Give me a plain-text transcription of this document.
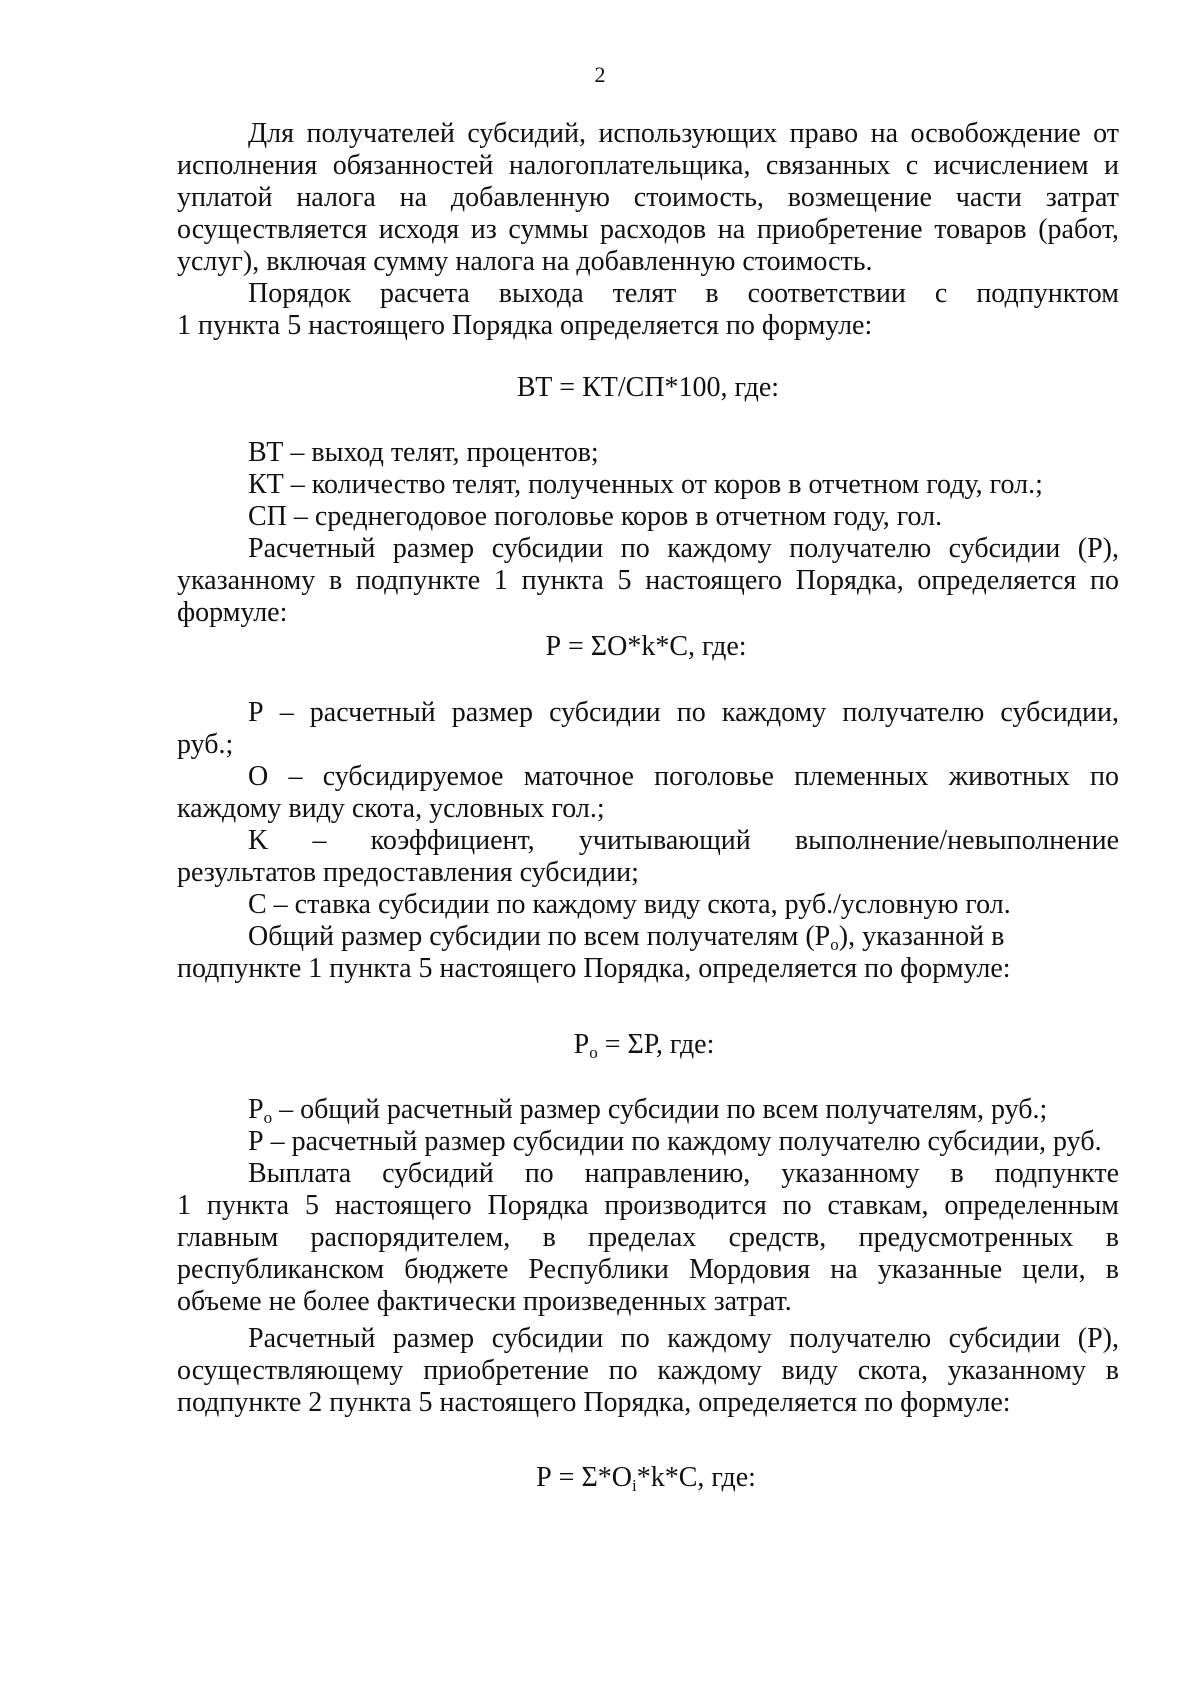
2
Для получателей субсидий, использующих право на освобождение от
исполнения обязанностей налогоплательщика, связанных с исчислением и
уплатой налога на добавленную стоимость, возмещение части затрат
осуществляется исходя из суммы расходов на приобретение товаров (работ,
услуг), включая сумму налога на добавленную стоимость.
Порядок расчета выхода телят в соответствии с подпунктом
1 пункта 5 настоящего Порядка определяется по формуле:
ВТ = КТ/СП*100, где:
ВТ – выход телят, процентов;
КТ – количество телят, полученных от коров в отчетном году, гол.;
СП – среднегодовое поголовье коров в отчетном году, гол.
Расчетный размер субсидии по каждому получателю субсидии (Р),
указанному в подпункте 1 пункта 5 настоящего Порядка, определяется по
формуле:
Р = ΣО*k*С, где:
Р – расчетный размер субсидии по каждому получателю субсидии,
руб.;
О – субсидируемое маточное поголовье племенных животных по
каждому виду скота, условных гол.;
K – коэффициент, учитывающий выполнение/невыполнение
результатов предоставления субсидии;
С – ставка субсидии по каждому виду скота, руб./условную гол.
Общий размер субсидии по всем получателям $(Р_о)$, указанной в
подпункте 1 пункта 5 настоящего Порядка, определяется по формуле:
$Р_о = \Sigma Р$, где:
$Р_о$ – общий расчетный размер субсидии по всем получателям, руб.;
Р – расчетный размер субсидии по каждому получателю субсидии, руб.
Выплата субсидий по направлению, указанному в подпункте
1 пункта 5 настоящего Порядка производится по ставкам, определенным
главным распорядителем, в пределах средств, предусмотренных в
республиканском бюджете Республики Мордовия на указанные цели, в
объеме не более фактически произведенных затрат.
Расчетный размер субсидии по каждому получателю субсидии (Р),
осуществляющему приобретение по каждому виду скота, указанному в
подпункте 2 пункта 5 настоящего Порядка, определяется по формуле:
$Р = \Sigma*О_i*k*С$, где:
